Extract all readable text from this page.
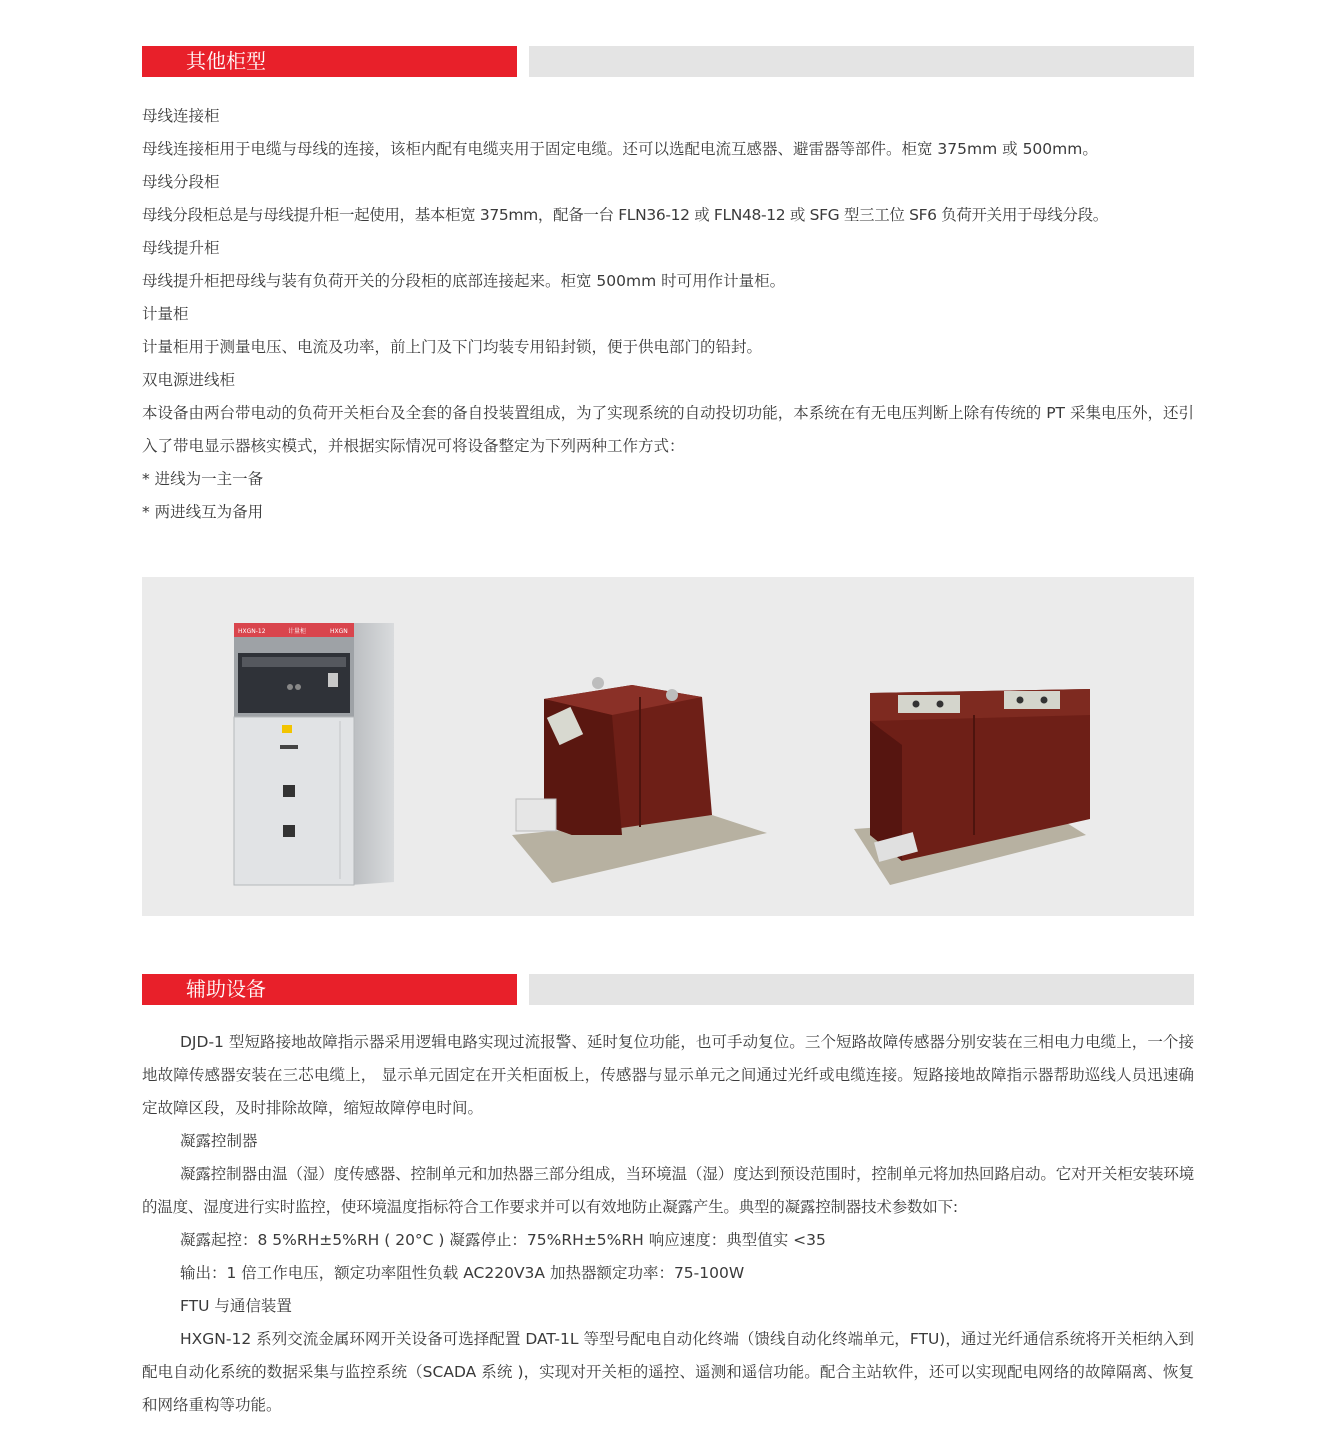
其他柜型

母线连接柜

母线连接柜用于电缆与母线的连接，该柜内配有电缆夹用于固定电缆。还可以选配电流互感器、避雷器等部件。柜宽 375mm 或 500mm。

母线分段柜

母线分段柜总是与母线提升柜一起使用，基本柜宽 375mm，配备一台 FLN36-12 或 FLN48-12 或 SFG 型三工位 SF6 负荷开关用于母线分段。

母线提升柜

母线提升柜把母线与装有负荷开关的分段柜的底部连接起来。柜宽 500mm 时可用作计量柜。

计量柜

计量柜用于测量电压、电流及功率，前上门及下门均装专用铅封锁，便于供电部门的铅封。

双电源进线柜

本设备由两台带电动的负荷开关柜台及全套的备自投装置组成，为了实现系统的自动投切功能，本系统在有无电压判断上除有传统的 PT 采集电压外，还引入了带电显示器核实模式，并根据实际情况可将设备整定为下列两种工作方式：

* 进线为一主一备

* 两进线互为备用

HXGN-12	计量柜	HXGN
辅助设备

DJD-1 型短路接地故障指示器采用逻辑电路实现过流报警、延时复位功能，也可手动复位。三个短路故障传感器分别安装在三相电力电缆上，一个接地故障传感器安装在三芯电缆上， 显示单元固定在开关柜面板上，传感器与显示单元之间通过光纤或电缆连接。短路接地故障指示器帮助巡线人员迅速确定故障区段，及时排除故障，缩短故障停电时间。

凝露控制器

凝露控制器由温（湿）度传感器、控制单元和加热器三部分组成，当环境温（湿）度达到预设范围时，控制单元将加热回路启动。它对开关柜安装环境的温度、湿度进行实时监控，使环境温度指标符合工作要求并可以有效地防止凝露产生。典型的凝露控制器技术参数如下:

凝露起控：8 5%RH±5%RH ( 20°C ) 凝露停止：75%RH±5%RH 响应速度：典型值实 <35

输出：1 倍工作电压，额定功率阻性负载 AC220V3A 加热器额定功率：75-100W

FTU 与通信装置

HXGN-12 系列交流金属环网开关设备可选择配置 DAT-1L 等型号配电自动化终端（馈线自动化终端单元，FTU)，通过光纤通信系统将开关柜纳入到配电自动化系统的数据采集与监控系统（SCADA 系统 )，实现对开关柜的遥控、遥测和遥信功能。配合主站软件，还可以实现配电网络的故障隔离、恢复和网络重构等功能。
